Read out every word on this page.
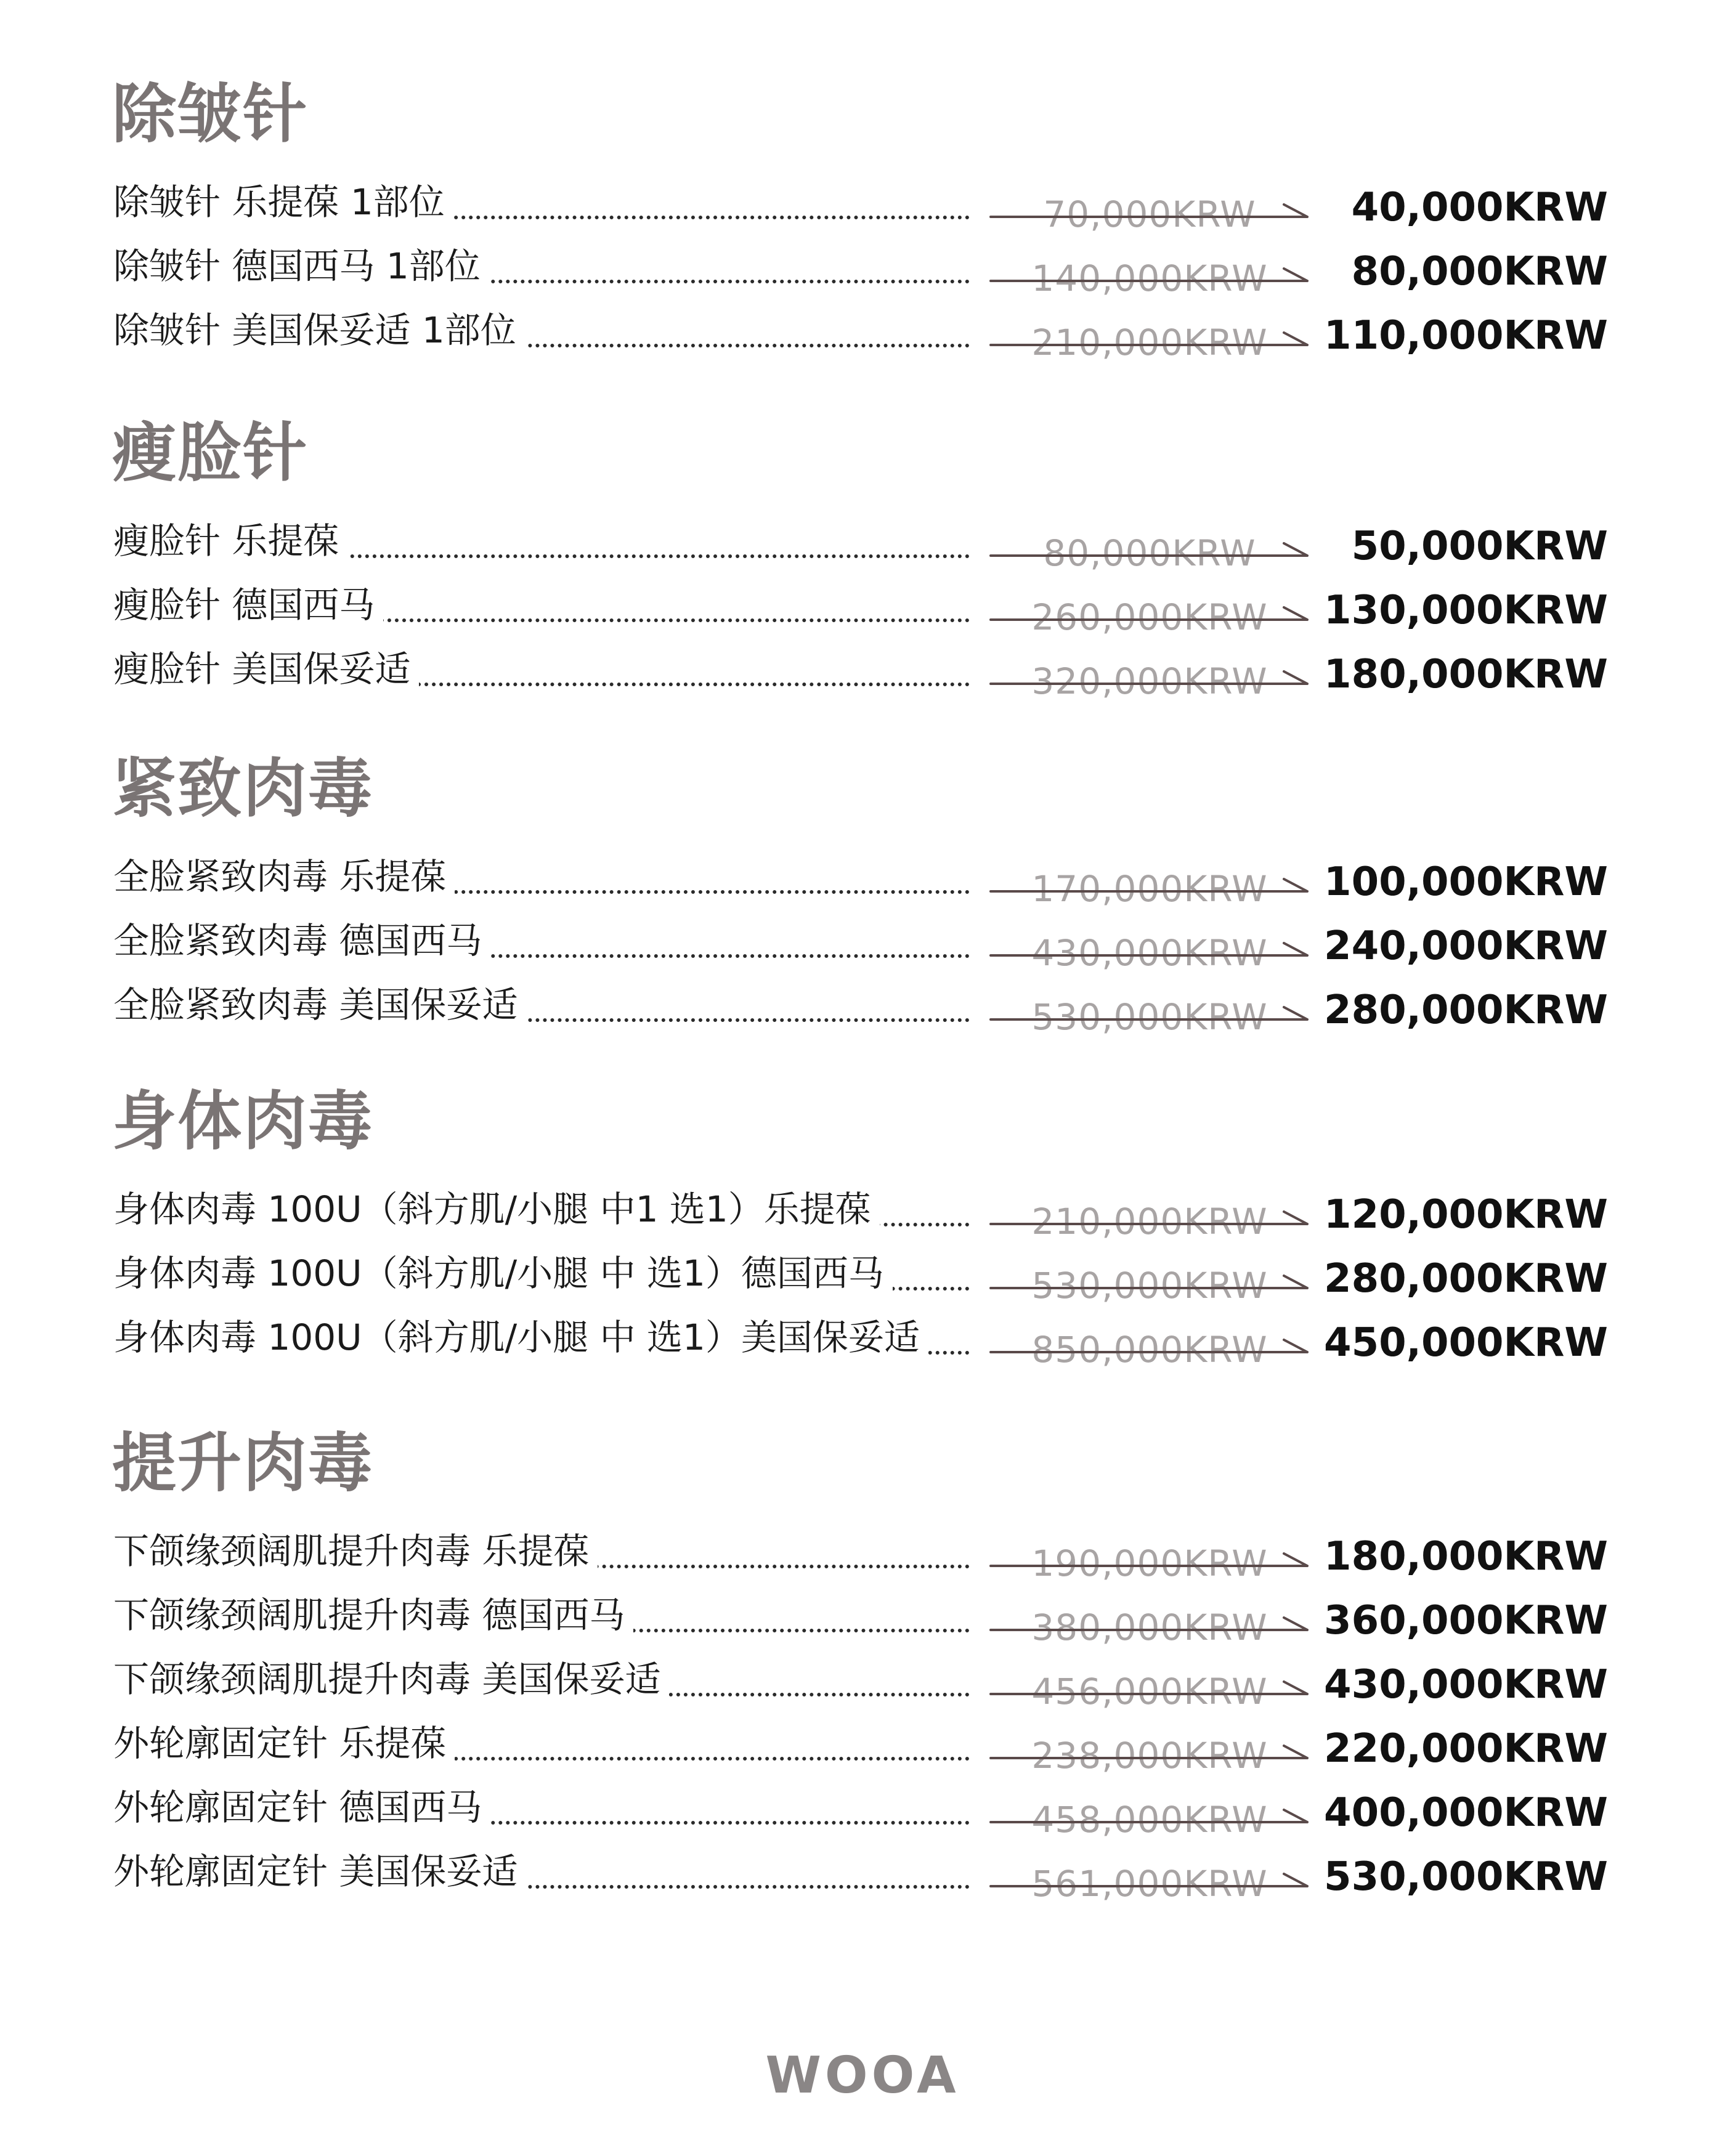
除皱针
除皱针 乐提葆 1部位	70,000KRW	40,000KRW
除皱针 德国西马 1部位	140,000KRW	80,000KRW
除皱针 美国保妥适 1部位	210,000KRW	110,000KRW
瘦脸针
瘦脸针 乐提葆	80,000KRW	50,000KRW
瘦脸针 德国西马	260,000KRW	130,000KRW
瘦脸针 美国保妥适	320,000KRW	180,000KRW
紧致肉毒
全脸紧致肉毒 乐提葆	170,000KRW	100,000KRW
全脸紧致肉毒 德国西马	430,000KRW	240,000KRW
全脸紧致肉毒 美国保妥适	530,000KRW	280,000KRW
身体肉毒
身体肉毒 100U（斜方肌/小腿 中1 选1）乐提葆	210,000KRW	120,000KRW
身体肉毒 100U（斜方肌/小腿 中 选1）德国西马	530,000KRW	280,000KRW
身体肉毒 100U（斜方肌/小腿 中 选1）美国保妥适	850,000KRW	450,000KRW
提升肉毒
下颌缘颈阔肌提升肉毒 乐提葆	190,000KRW	180,000KRW
下颌缘颈阔肌提升肉毒 德国西马	380,000KRW	360,000KRW
下颌缘颈阔肌提升肉毒 美国保妥适	456,000KRW	430,000KRW
外轮廓固定针 乐提葆	238,000KRW	220,000KRW
外轮廓固定针 德国西马	458,000KRW	400,000KRW
外轮廓固定针 美国保妥适	561,000KRW	530,000KRW
WOOA
